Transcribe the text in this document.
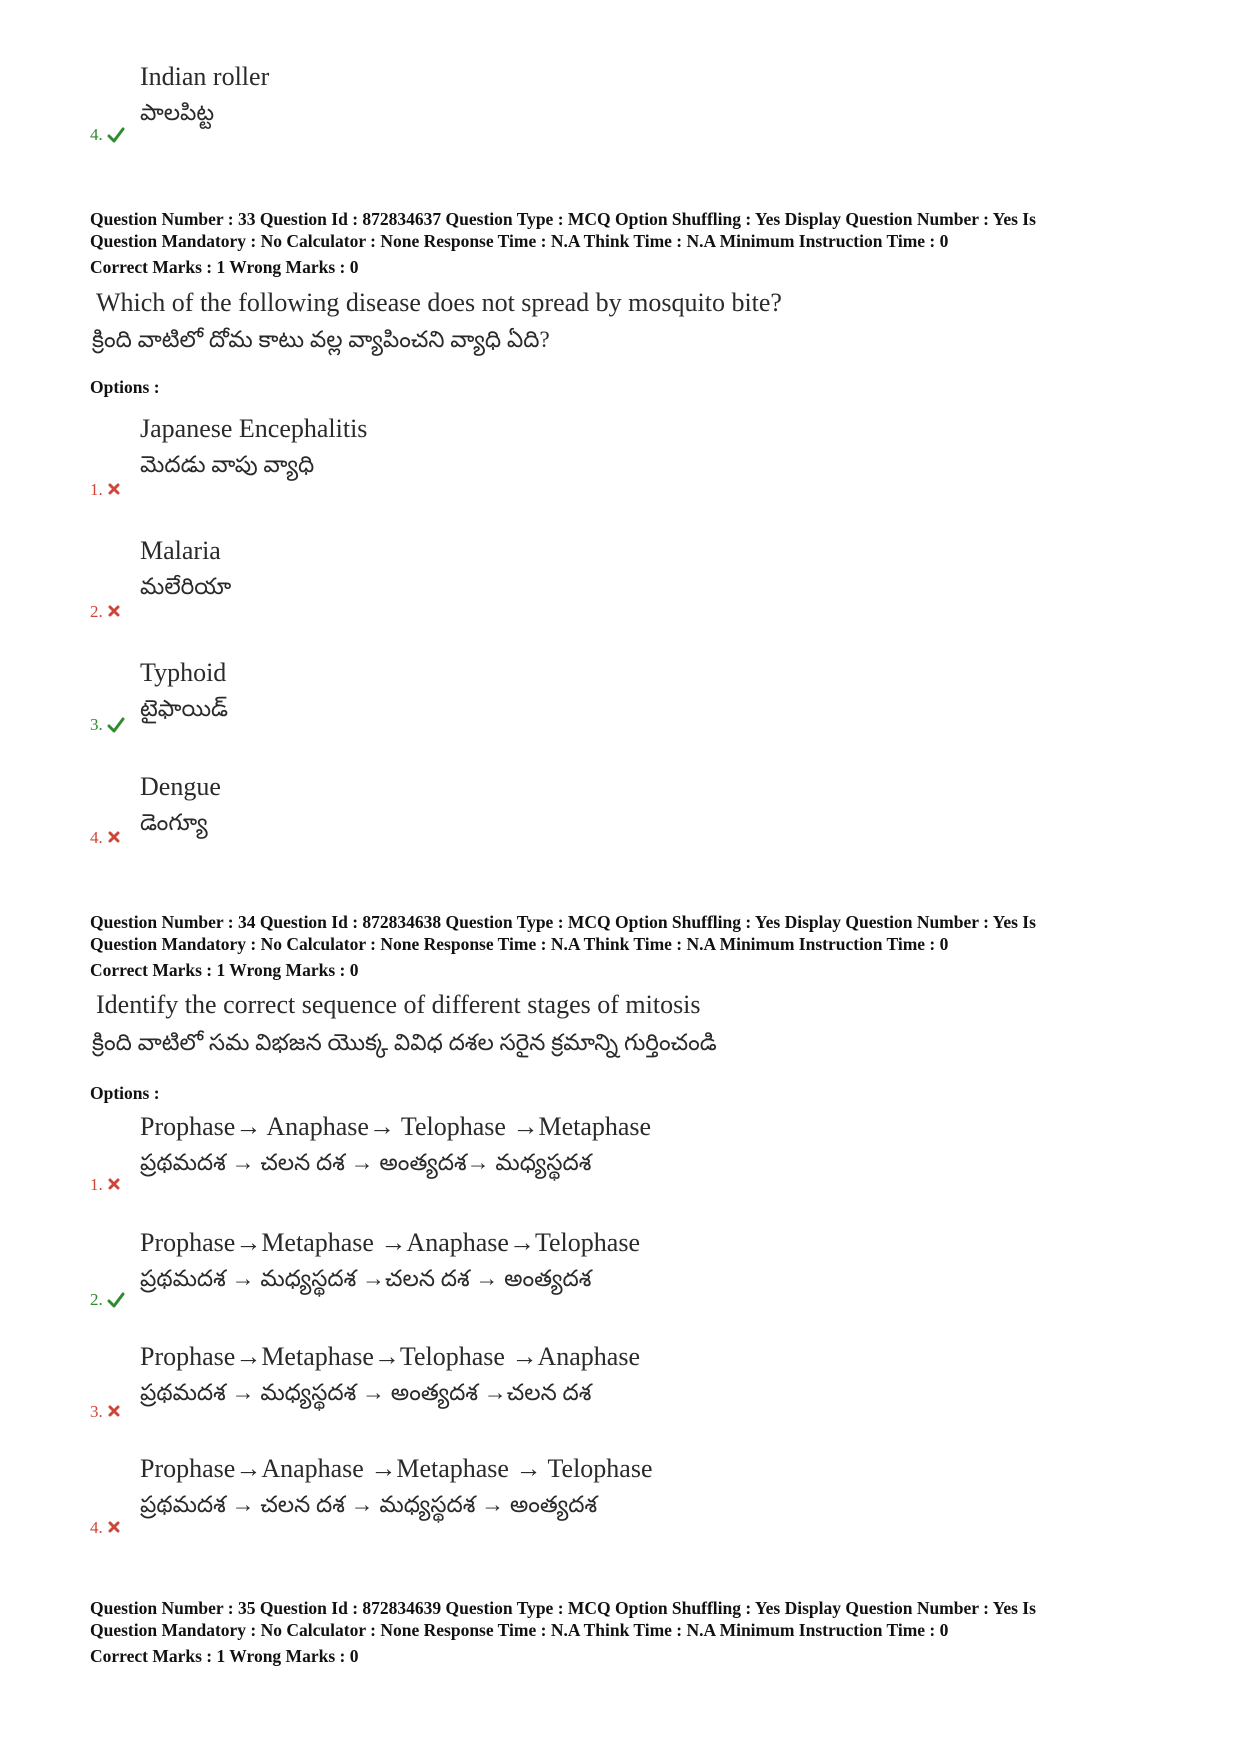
Indian roller
పాలపిట్ట
4.
Question Number : 33 Question Id : 872834637 Question Type : MCQ Option Shuffling : Yes Display Question Number : Yes Is
Question Mandatory : No Calculator : None Response Time : N.A Think Time : N.A Minimum Instruction Time : 0
Correct Marks : 1 Wrong Marks : 0
Which of the following disease does not spread by mosquito bite?
క్రింది వాటిలో దోమ కాటు వల్ల వ్యాపించని వ్యాధి ఏది?
Options :
Japanese Encephalitis
మెదడు వాపు వ్యాధి
1.
Malaria
మలేరియా
2.
Typhoid
టైఫాయిడ్
3.
Dengue
డెంగ్యూ
4.
Question Number : 34 Question Id : 872834638 Question Type : MCQ Option Shuffling : Yes Display Question Number : Yes Is
Question Mandatory : No Calculator : None Response Time : N.A Think Time : N.A Minimum Instruction Time : 0
Correct Marks : 1 Wrong Marks : 0
Identify the correct sequence of different stages of mitosis
క్రింది వాటిలో సమ విభజన యొక్క వివిధ దశల సరైన క్రమాన్ని గుర్తించండి
Options :
Prophase→ Anaphase→ Telophase →Metaphase
ప్రథమదశ → చలన దశ → అంత్యదశ→ మధ్యస్థదశ
1.
Prophase→Metaphase →Anaphase→Telophase
ప్రథమదశ → మధ్యస్థదశ →చలన దశ → అంత్యదశ
2.
Prophase→Metaphase→Telophase →Anaphase
ప్రథమదశ → మధ్యస్థదశ → అంత్యదశ →చలన దశ
3.
Prophase→Anaphase →Metaphase → Telophase
ప్రథమదశ → చలన దశ → మధ్యస్థదశ → అంత్యదశ
4.
Question Number : 35 Question Id : 872834639 Question Type : MCQ Option Shuffling : Yes Display Question Number : Yes Is
Question Mandatory : No Calculator : None Response Time : N.A Think Time : N.A Minimum Instruction Time : 0
Correct Marks : 1 Wrong Marks : 0
